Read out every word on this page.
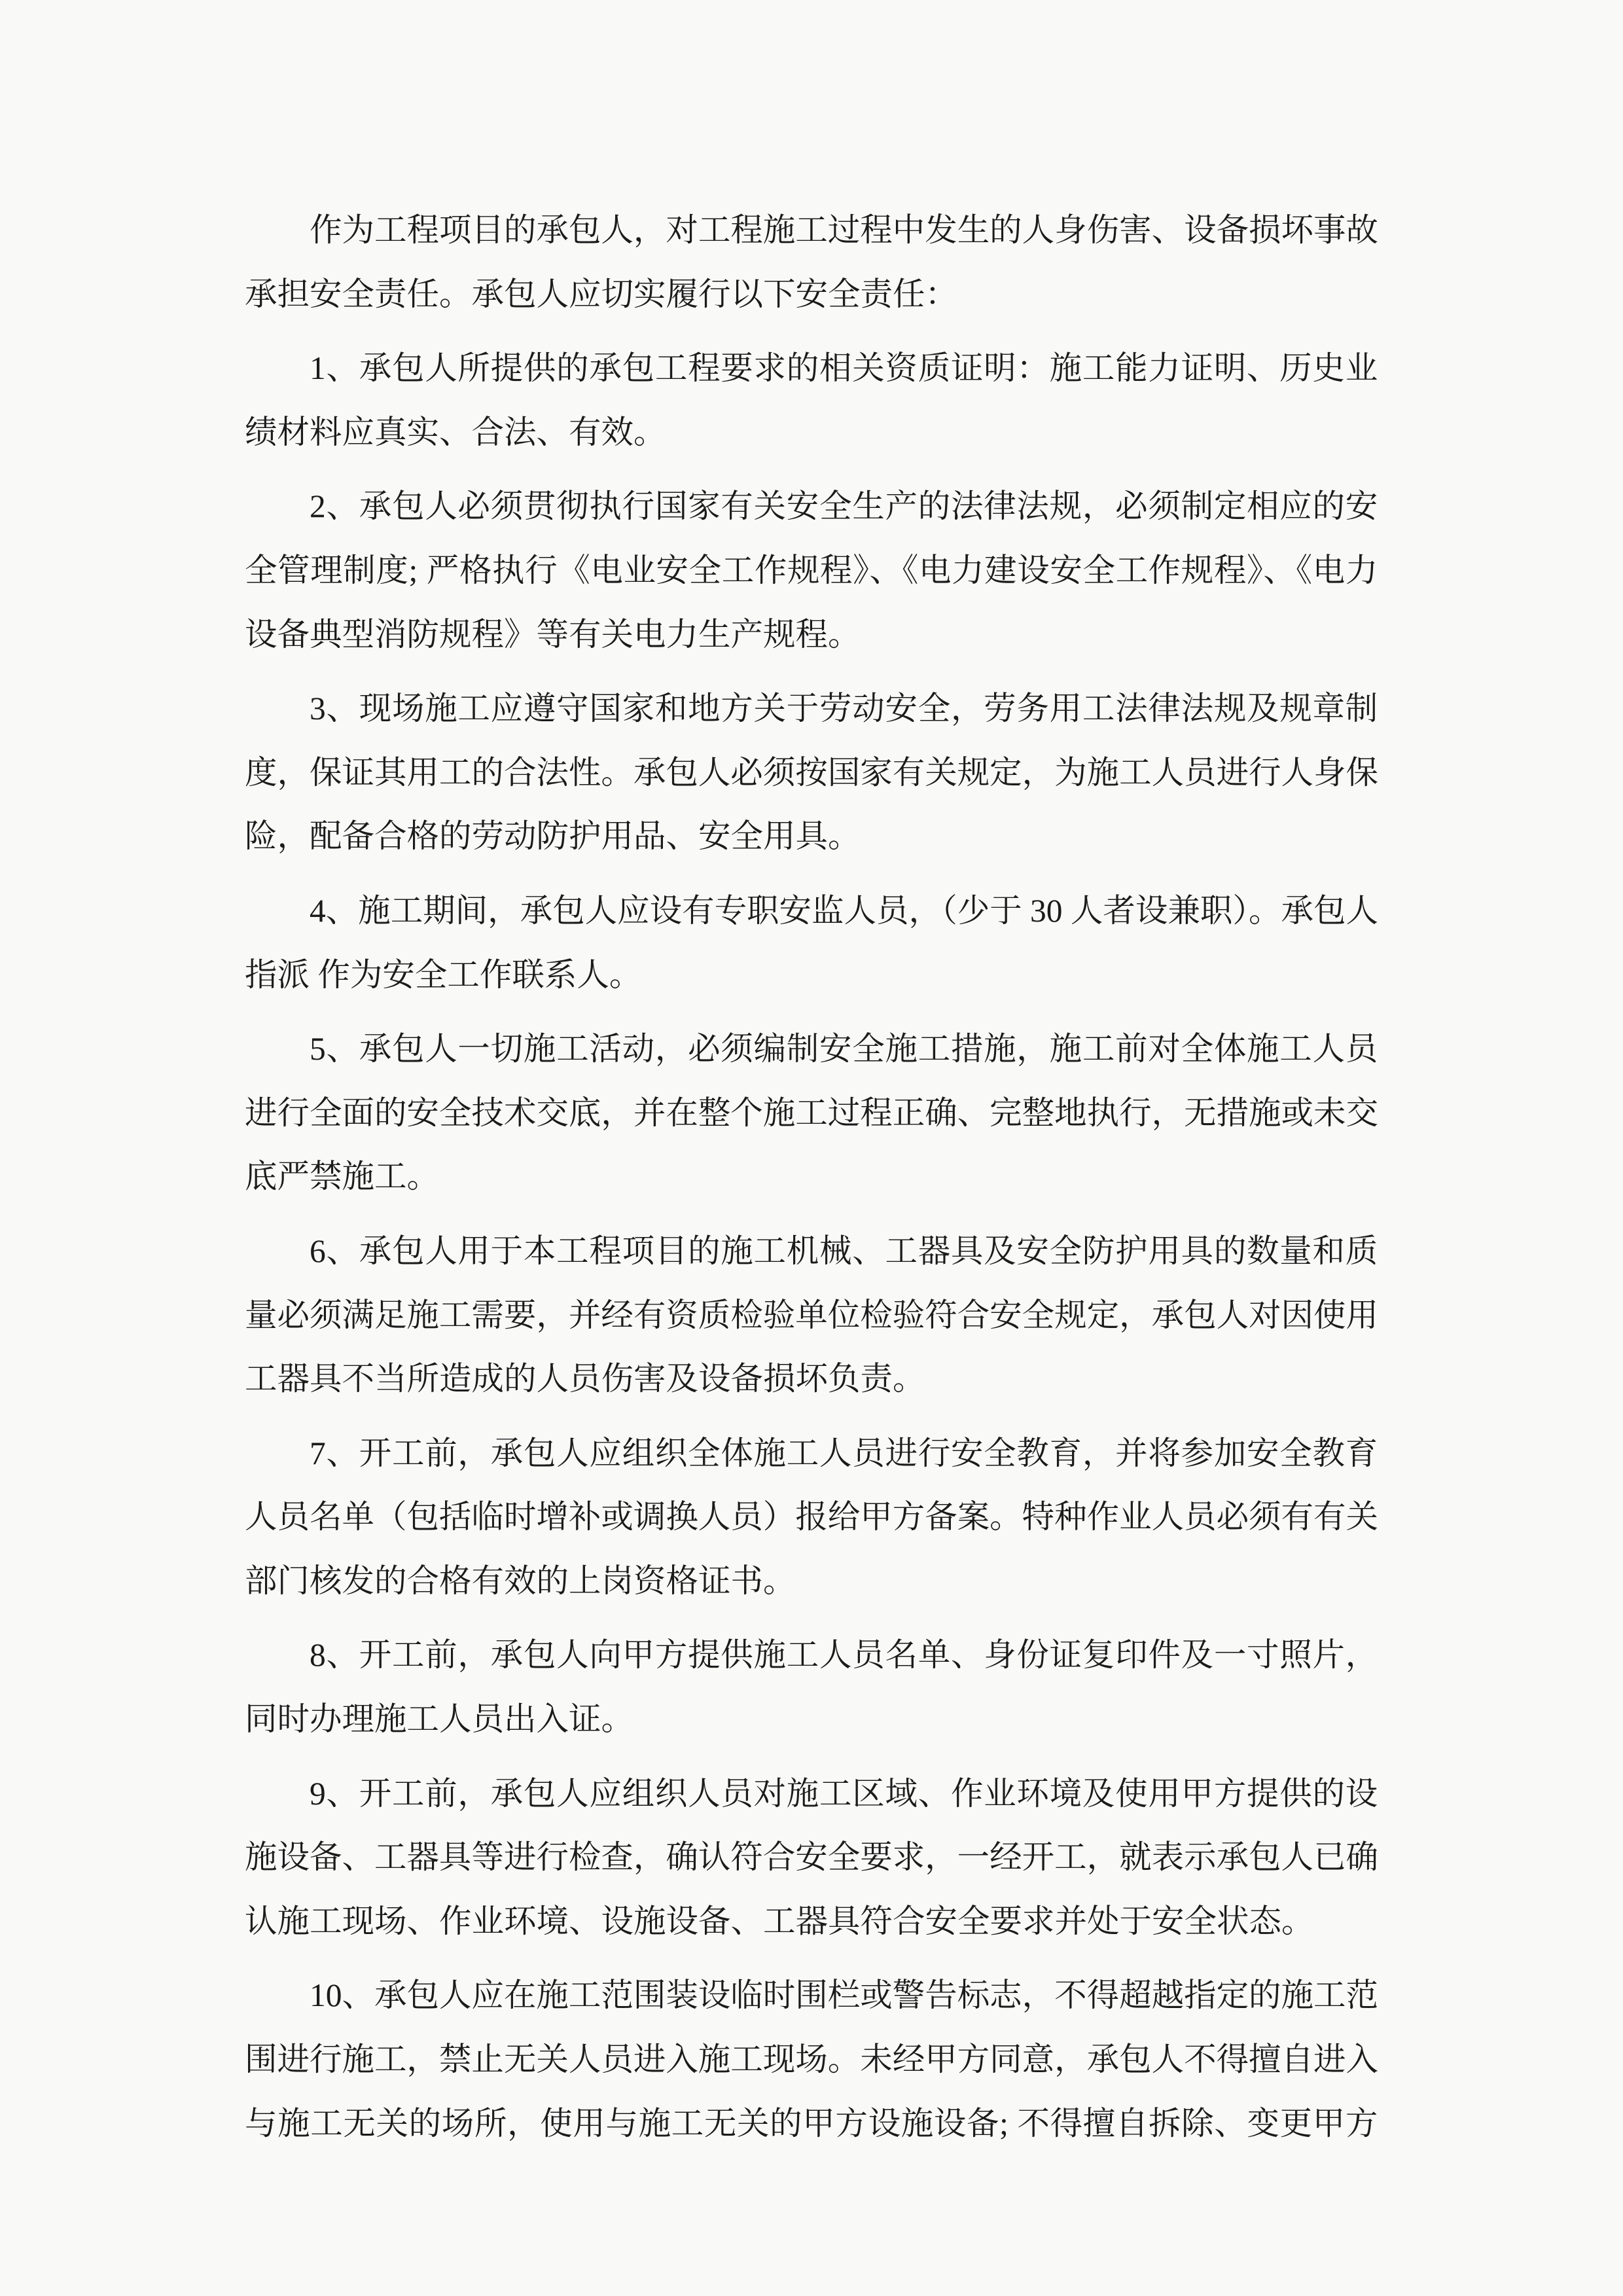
作为工程项目的承包人，对工程施工过程中发生的人身伤害、设备损坏事故
承担安全责任。承包人应切实履行以下安全责任：

1、承包人所提供的承包工程要求的相关资质证明：施工能力证明、历史业
绩材料应真实、合法、有效。

2、承包人必须贯彻执行国家有关安全生产的法律法规，必须制定相应的安
全管理制度; 严格执行《电业安全工作规程》、《电力建设安全工作规程》、《电力
设备典型消防规程》等有关电力生产规程。

3、现场施工应遵守国家和地方关于劳动安全，劳务用工法律法规及规章制
度，保证其用工的合法性。承包人必须按国家有关规定，为施工人员进行人身保
险，配备合格的劳动防护用品、安全用具。

4、施工期间，承包人应设有专职安监人员，（少于 30 人者设兼职）。承包人
指派 作为安全工作联系人。

5、承包人一切施工活动，必须编制安全施工措施，施工前对全体施工人员
进行全面的安全技术交底，并在整个施工过程正确、完整地执行，无措施或未交
底严禁施工。

6、承包人用于本工程项目的施工机械、工器具及安全防护用具的数量和质
量必须满足施工需要，并经有资质检验单位检验符合安全规定，承包人对因使用
工器具不当所造成的人员伤害及设备损坏负责。

7、开工前，承包人应组织全体施工人员进行安全教育，并将参加安全教育
人员名单（包括临时增补或调换人员）报给甲方备案。特种作业人员必须有有关
部门核发的合格有效的上岗资格证书。

8、开工前，承包人向甲方提供施工人员名单、身份证复印件及一寸照片，
同时办理施工人员出入证。

9、开工前，承包人应组织人员对施工区域、作业环境及使用甲方提供的设
施设备、工器具等进行检查，确认符合安全要求，一经开工，就表示承包人已确
认施工现场、作业环境、设施设备、工器具符合安全要求并处于安全状态。

10、承包人应在施工范围装设临时围栏或警告标志，不得超越指定的施工范
围进行施工，禁止无关人员进入施工现场。未经甲方同意，承包人不得擅自进入
与施工无关的场所，使用与施工无关的甲方设施设备; 不得擅自拆除、变更甲方
